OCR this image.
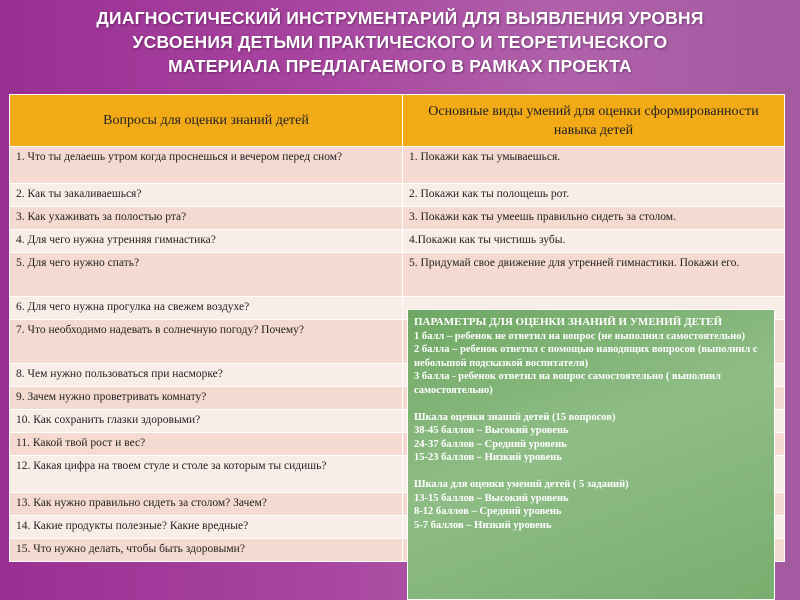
ДИАГНОСТИЧЕСКИЙ ИНСТРУМЕНТАРИЙ ДЛЯ ВЫЯВЛЕНИЯ УРОВНЯ
УСВОЕНИЯ ДЕТЬМИ ПРАКТИЧЕСКОГО И ТЕОРЕТИЧЕСКОГО
МАТЕРИАЛА ПРЕДЛАГАЕМОГО В РАМКАХ ПРОЕКТА
Вопросы для оценки знаний детей	Основные виды умений для оценки сформированности навыка детей
1. Что ты делаешь утром когда проснешься и вечером перед сном?	1. Покажи как ты умываешься.
2. Как ты закаливаешься?	2. Покажи как ты полощешь рот.
3. Как ухаживать за полостью рта?	3. Покажи как ты умеешь правильно сидеть за столом.
4. Для чего нужна утренняя гимнастика?	4.Покажи как ты чистишь зубы.
5. Для чего нужно спать?	5. Придумай свое движение для утренней гимнастики. Покажи его.
6. Для чего нужна прогулка на свежем воздухе?	
7. Что необходимо надевать в солнечную погоду? Почему?	
8. Чем нужно пользоваться при насморке?	
9. Зачем нужно проветривать комнату?	
10. Как сохранить глазки здоровыми?	
11. Какой твой рост и вес?	
12. Какая цифра на твоем стуле и столе за которым ты сидишь?	
13. Как нужно правильно сидеть за столом? Зачем?	
14. Какие продукты полезные? Какие вредные?	
15. Что нужно делать, чтобы быть здоровыми?	
ПАРАМЕТРЫ ДЛЯ ОЦЕНКИ ЗНАНИЙ И УМЕНИЙ ДЕТЕЙ
1 балл – ребенок не ответил на вопрос (не выполнил самостоятельно)
2 балла – ребенок ответил с помощью наводящих вопросов (выполнил с небольшой подсказкой воспитателя)
3 балла - ребенок ответил на вопрос самостоятельно ( выполнил самостоятельно)
Шкала оценки знаний детей (15 вопросов)
38-45 баллов – Высокий уровень
24-37 баллов – Средний уровень
15-23 баллов – Низкий уровень
Шкала для оценки умений детей ( 5 заданий)
13-15 баллов – Высокий уровень
8-12 баллов – Средний уровень
5-7 баллов – Низкий уровень
